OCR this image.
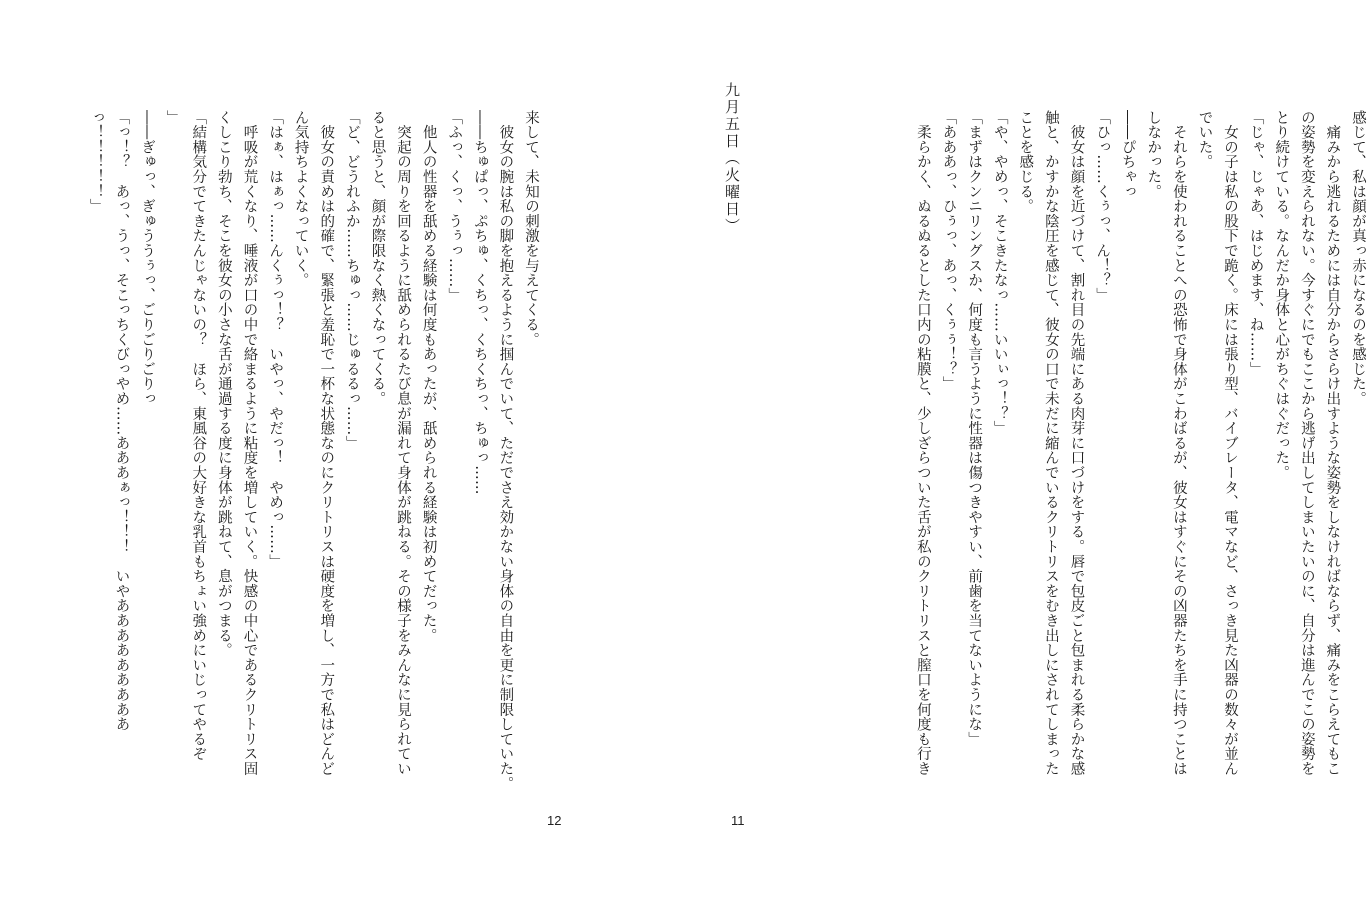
九月五日（火曜日）	感じて、私は顔が真っ赤になるのを感じた。
　痛みから逃れるためには自分からさらけ出すような姿勢をしなければならず、痛みをこらえてもこ
の姿勢を変えられない。今すぐにでもここから逃げ出してしまいたいのに、自分は進んでこの姿勢を
とり続けている。なんだか身体と心がちぐはぐだった。
「じゃ、じゃあ、はじめます、ね……」
　女の子は私の股下で跪く。床には張り型、バイブレータ、電マなど、さっき見た凶器の数々が並ん
でいた。
　それらを使われることへの恐怖で身体がこわばるが、彼女はすぐにその凶器たちを手に持つことは
しなかった。
――ぴちゃっ
「ひっ……くぅっ、ん！？」
　彼女は顔を近づけて、割れ目の先端にある肉芽に口づけをする。唇で包皮ごと包まれる柔らかな感
触と、かすかな陰圧を感じて、彼女の口で未だに縮んでいるクリトリスをむき出しにされてしまった
ことを感じる。
「や、やめっ、そこきたなっ……いいぃっ！？」
「まずはクンニリングスか、何度も言うように性器は傷つきやすい、前歯を当てないようにな」
「あああっ、ひぅっ、あっ、くぅぅ！？」
　柔らかく、ぬるぬるとした口内の粘膜と、少しざらついた舌が私のクリトリスと膣口を何度も行き
来して、未知の刺激を与えてくる。
　彼女の腕は私の脚を抱えるように掴んでいて、ただでさえ効かない身体の自由を更に制限していた。
――ちゅぱっ、ぷちゅ、くちっ、くちくちっ、ちゅっ……
「ふっ、くっ、うぅっ……」
　他人の性器を舐める経験は何度もあったが、舐められる経験は初めてだった。
　突起の周りを回るように舐められるたび息が漏れて身体が跳ねる。その様子をみんなに見られてい
ると思うと、顔が際限なく熱くなってくる。
「ど、どうれふか……ちゅっ……じゅるるっ……」
　彼女の責めは的確で、緊張と羞恥で一杯な状態なのにクリトリスは硬度を増し、一方で私はどんど
ん気持ちよくなっていく。
「はぁ、はぁっ……んくぅっ！？　いやっ、やだっ！　やめっ……」
　呼吸が荒くなり、唾液が口の中で絡まるように粘度を増していく。快感の中心であるクリトリス固
くしこり勃ち、そこを彼女の小さな舌が通過する度に身体が跳ねて、息がつまる。
「結構気分でてきたんじゃないの？　ほら、東風谷の大好きな乳首もちょい強めにいじってやるぞ
」
――ぎゅっ、ぎゅううぅっ、ごりごりごりっ
「っ！？　あっ、うっ、そこっちくびっやめ……あああぁっ！！！　いやあああああああああ
っ！！！！！」
12	11
